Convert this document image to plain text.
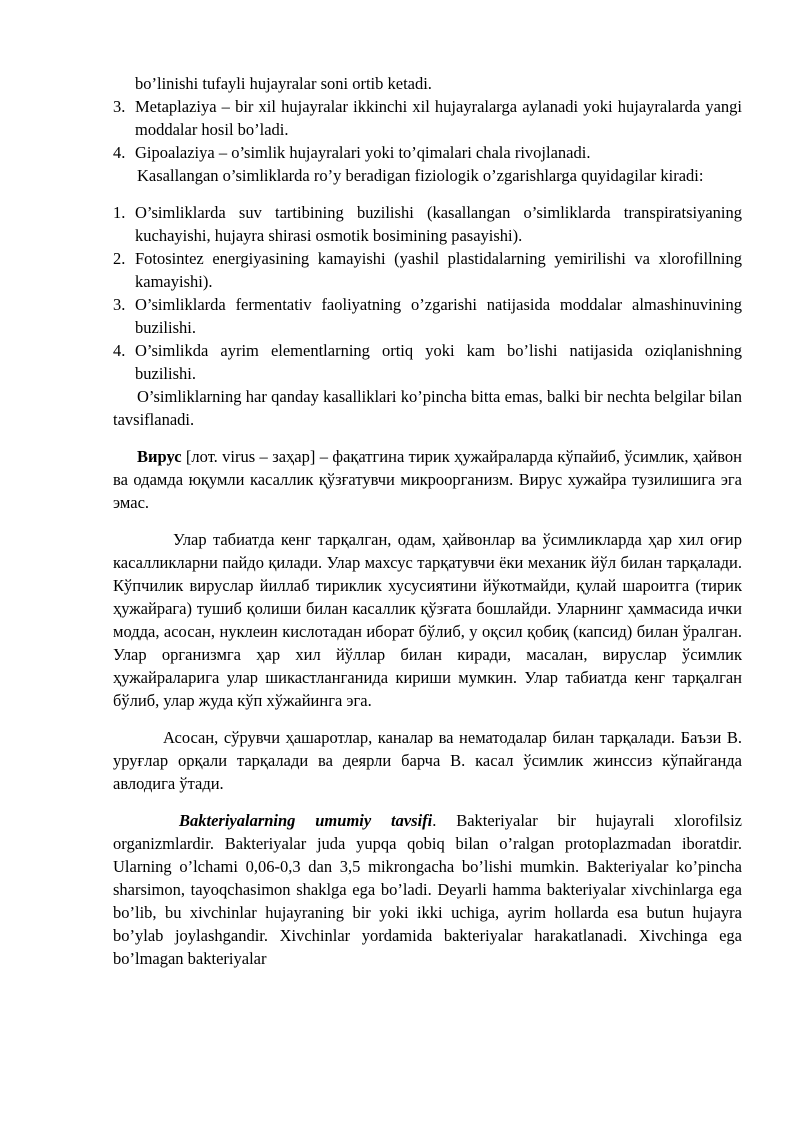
bo’linishi tufayli hujayralar soni ortib ketadi.
3. Metaplaziya – bir xil hujayralar ikkinchi xil hujayralarga aylanadi yoki hujayralarda yangi moddalar hosil bo’ladi.
4. Gipoalaziya – o’simlik hujayralari yoki to’qimalari chala rivojlanadi.
Kasallangan o’simliklarda ro’y beradigan fiziologik o’zgarishlarga quyidagilar kiradi:
1. O’simliklarda suv tartibining buzilishi (kasallangan o’simliklarda transpiratsiyaning kuchayishi, hujayra shirasi osmotik bosimining pasayishi).
2. Fotosintez energiyasining kamayishi (yashil plastidalarning yemirilishi va xlorofillning kamayishi).
3. O’simliklarda fermentativ faoliyatning o’zgarishi natijasida moddalar almashinuvining buzilishi.
4. O’simlikda ayrim elementlarning ortiq yoki kam bo’lishi natijasida oziqlanishning buzilishi.
O’simliklarning har qanday kasalliklari ko’pincha bitta emas, balki bir nechta belgilar bilan tavsiflanadi.
Вирус [лот. virus – заҳар] – фақатгина тирик ҳужайраларда кўпайиб, ўсимлик, ҳайвон ва одамда юқумли касаллик қўзғатувчи микроорганизм. Вирус хужайра тузилишига эга эмас.
Улар табиатда кенг тарқалган, одам, ҳайвонлар ва ўсимликларда ҳар хил оғир касалликларни пайдо қилади. Улар махсус тарқатувчи ёки механик йўл билан тарқалади. Кўпчилик вируслар йиллаб тириклик хусусиятини йўкотмайди, қулай шароитга (тирик ҳужайрага) тушиб қолиши билан касаллик қўзғата бошлайди. Уларнинг ҳаммасида ички модда, асосан, нуклеин кислотадан иборат бўлиб, у оқсил қобиқ (капсид) билан ўралган. Улар организмга ҳар хил йўллар билан киради, масалан, вируслар ўсимлик ҳужайраларига улар шикастланганида кириши мумкин. Улар табиатда кенг тарқалган бўлиб, улар жуда кўп хўжайинга эга.
Асосан, сўрувчи ҳашаротлар, каналар ва нематодалар билан тарқалади. Баъзи В. уруғлар орқали тарқалади ва деярли барча В. касал ўсимлик жинссиз кўпайганда авлодига ўтади.
Bakteriyalarning umumiy tavsifi. Bakteriyalar bir hujayrali xlorofilsiz organizmlardir. Bakteriyalar juda yupqa qobiq bilan o’ralgan protoplazmadan iboratdir. Ularning o’lchami 0,06-0,3 dan 3,5 mikrongacha bo’lishi mumkin. Bakteriyalar ko’pincha sharsimon, tayoqchasimon shaklga ega bo’ladi. Deyarli hamma bakteriyalar xivchinlarga ega bo’lib, bu xivchinlar hujayraning bir yoki ikki uchiga, ayrim hollarda esa butun hujayra bo’ylab joylashgandir. Xivchinlar yordamida bakteriyalar harakatlanadi. Xivchinga ega bo’lmagan bakteriyalar
